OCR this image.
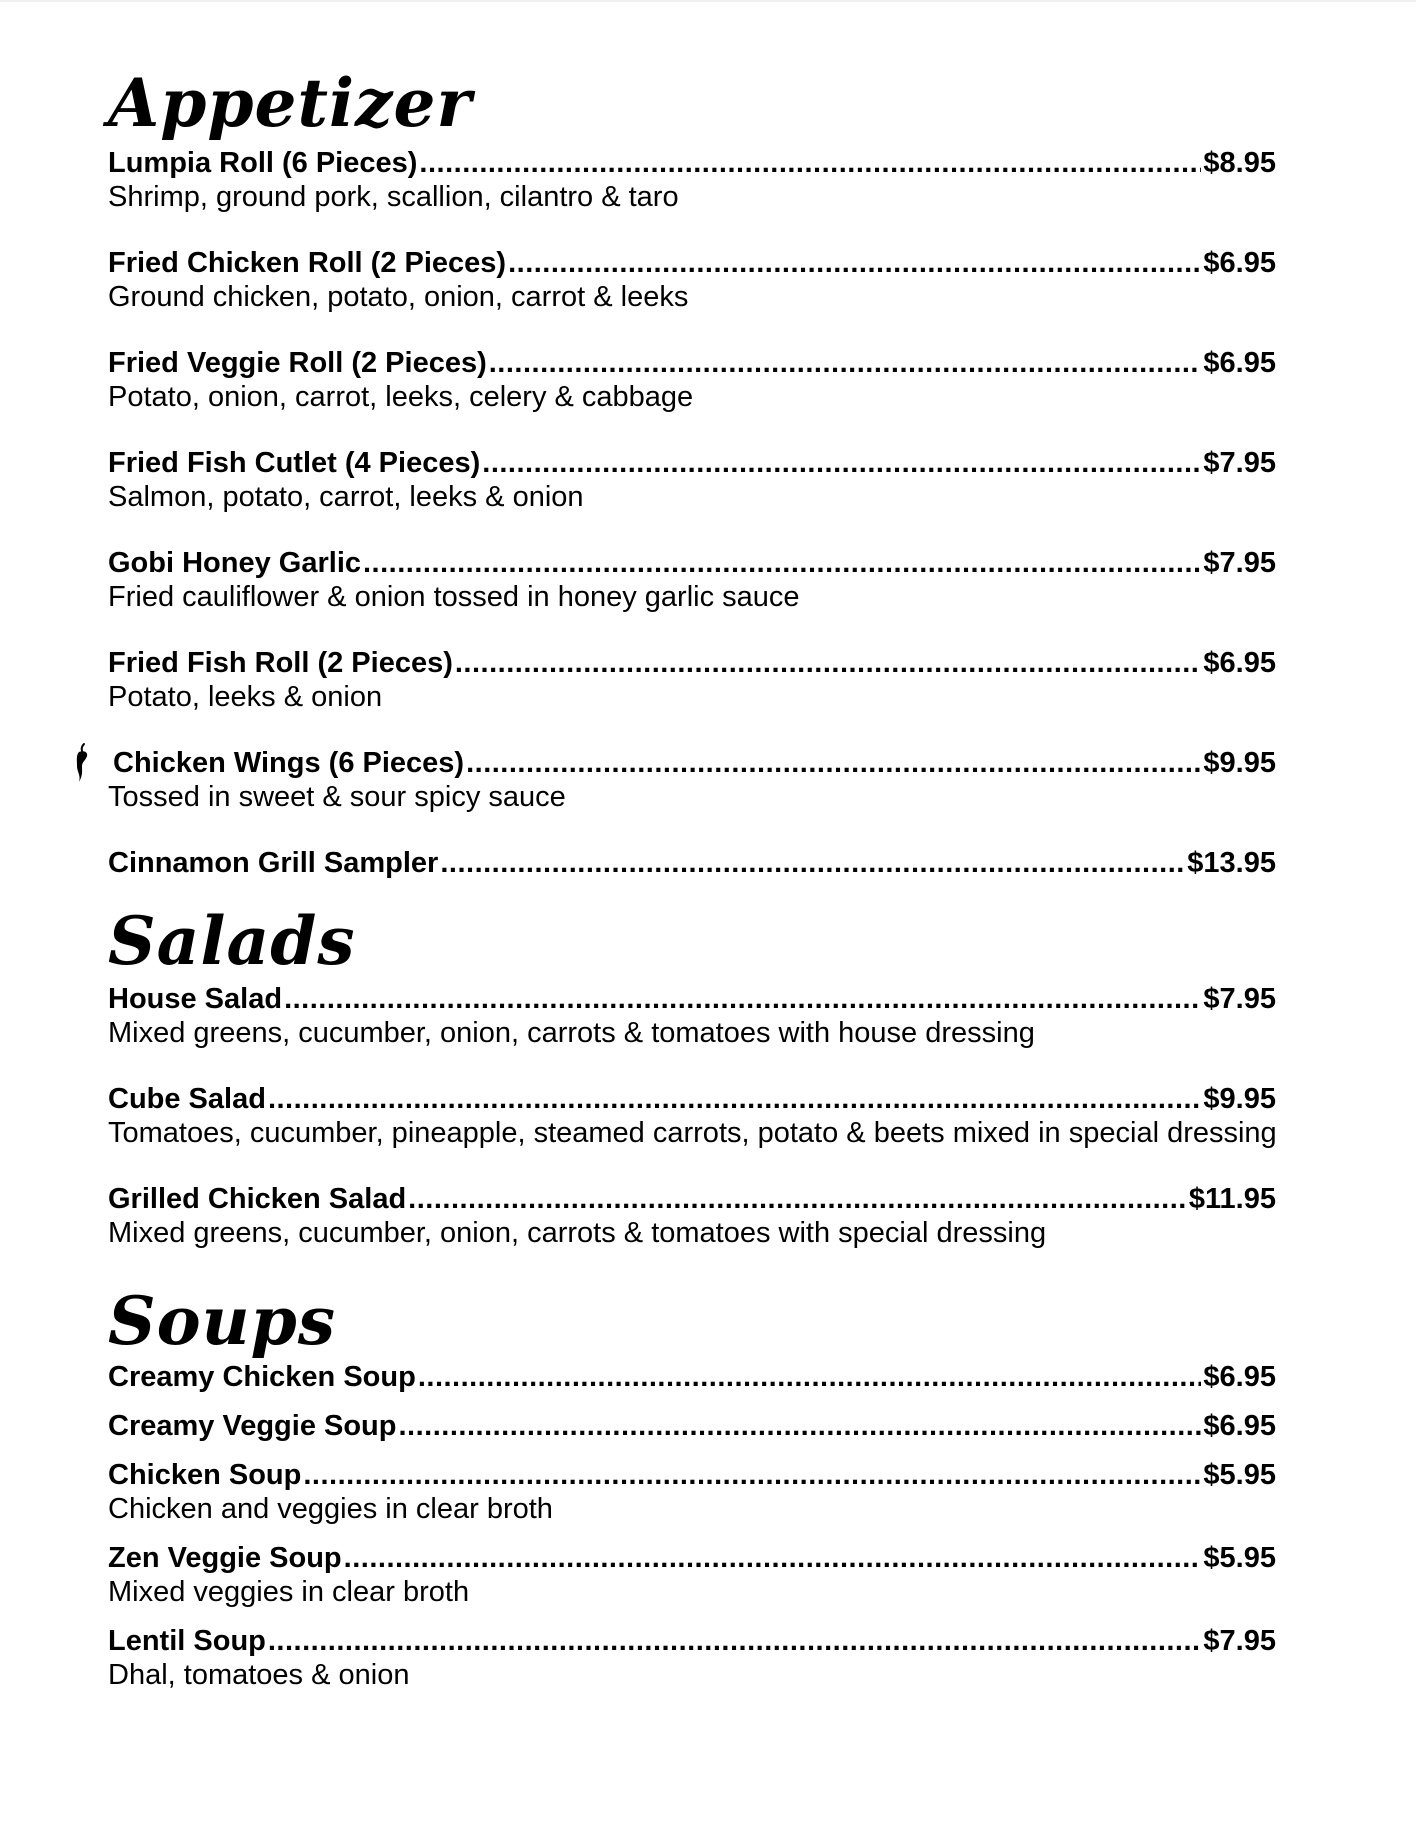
Appetizer
Lumpia Roll (6 Pieces) .....	$8.95
Shrimp, ground pork, scallion, cilantro & taro
Fried Chicken Roll (2 Pieces) .....	$6.95
Ground chicken, potato, onion, carrot & leeks
Fried Veggie Roll (2 Pieces) .....	$6.95
Potato, onion, carrot, leeks, celery & cabbage
Fried Fish Cutlet (4 Pieces) .....	$7.95
Salmon, potato, carrot, leeks & onion
Gobi Honey Garlic .....	$7.95
Fried cauliflower & onion tossed in honey garlic sauce
Fried Fish Roll (2 Pieces) .....	$6.95
Potato, leeks & onion
Chicken Wings (6 Pieces) .....	$9.95
Tossed in sweet & sour spicy sauce
Cinnamon Grill Sampler .....	$13.95
Salads
House Salad .....	$7.95
Mixed greens, cucumber, onion, carrots & tomatoes with house dressing
Cube Salad .....	$9.95
Tomatoes, cucumber, pineapple, steamed carrots, potato & beets mixed in special dressing
Grilled Chicken Salad .....	$11.95
Mixed greens, cucumber, onion, carrots & tomatoes with special dressing
Soups
Creamy Chicken Soup .....	$6.95
Creamy Veggie Soup .....	$6.95
Chicken Soup .....	$5.95
Chicken and veggies in clear broth
Zen Veggie Soup .....	$5.95
Mixed veggies in clear broth
Lentil Soup .....	$7.95
Dhal, tomatoes & onion
